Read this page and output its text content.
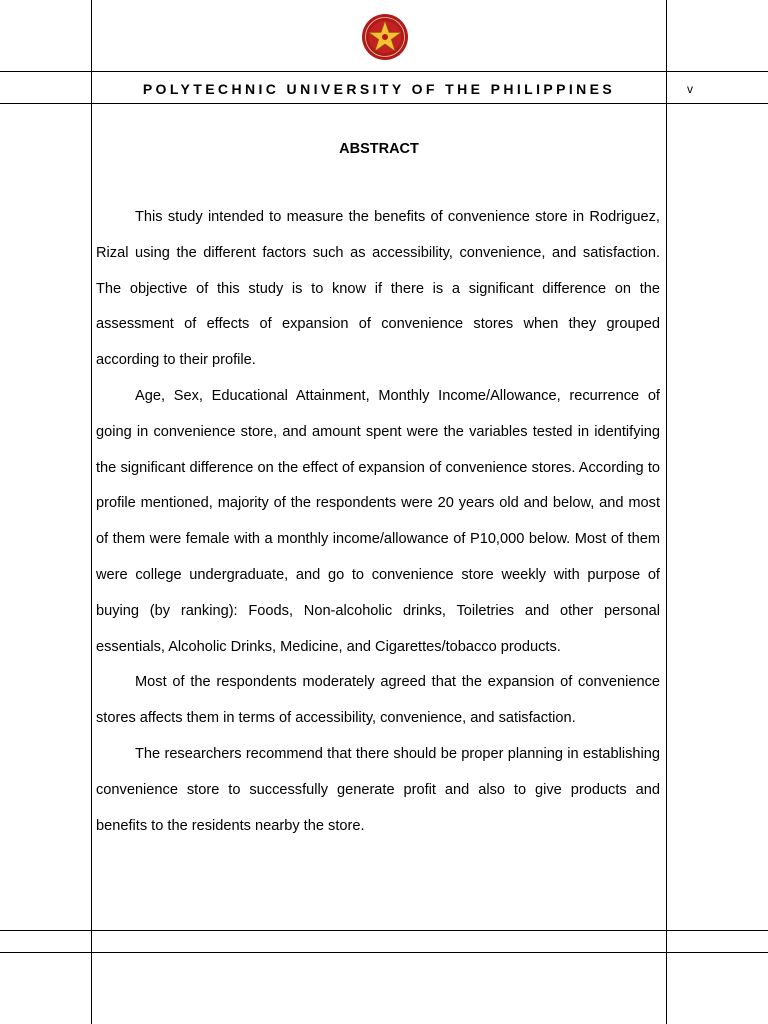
POLYTECHNIC UNIVERSITY OF THE PHILIPPINES	v
ABSTRACT

This study intended to measure the benefits of convenience store in Rodriguez, Rizal using the different factors such as accessibility, convenience, and satisfaction. The objective of this study is to know if there is a significant difference on the assessment of effects of expansion of convenience stores when they grouped according to their profile.

Age, Sex, Educational Attainment, Monthly Income/Allowance, recurrence of going in convenience store, and amount spent were the variables tested in identifying the significant difference on the effect of expansion of convenience stores. According to profile mentioned, majority of the respondents were 20 years old and below, and most of them were female with a monthly income/allowance of P10,000 below. Most of them were college undergraduate, and go to convenience store weekly with purpose of buying (by ranking): Foods, Non-alcoholic drinks, Toiletries and other personal essentials, Alcoholic Drinks, Medicine, and Cigarettes/tobacco products.

Most of the respondents moderately agreed that the expansion of convenience stores affects them in terms of accessibility, convenience, and satisfaction.

The researchers recommend that there should be proper planning in establishing convenience store to successfully generate profit and also to give products and benefits to the residents nearby the store.
